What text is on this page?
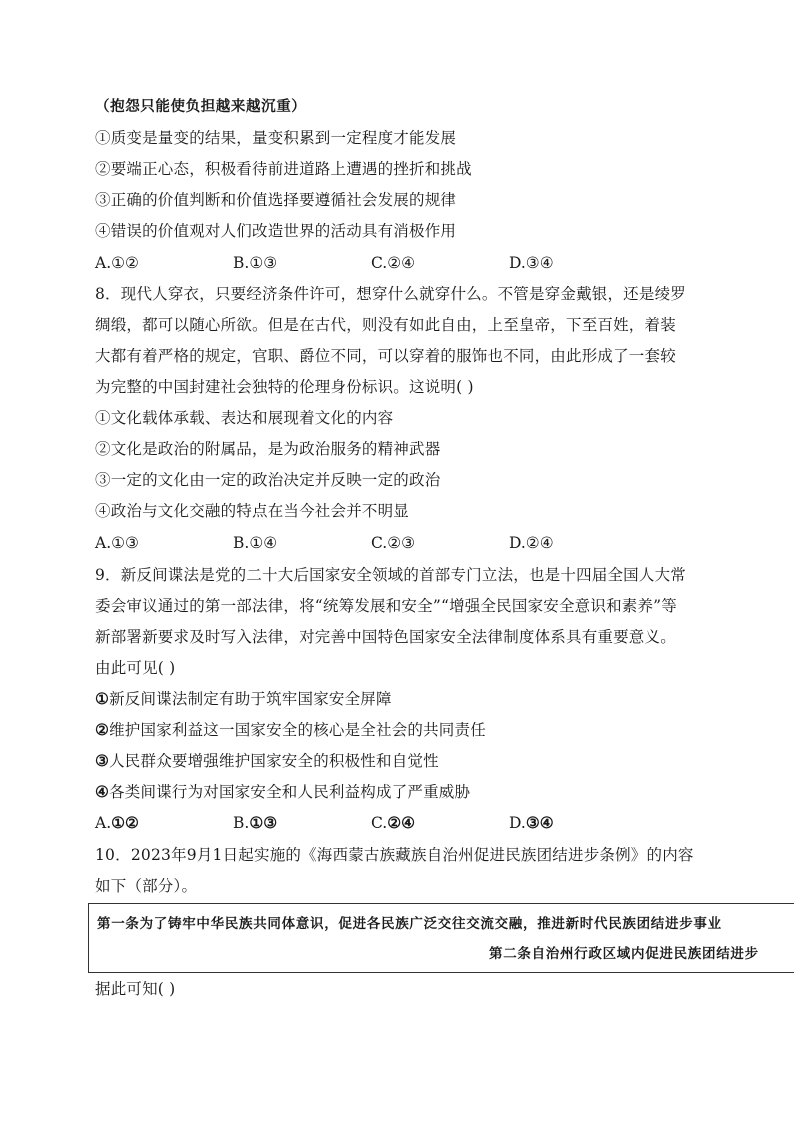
（抱怨只能使负担越来越沉重）
①质变是量变的结果，量变积累到一定程度才能发展
②要端正心态，积极看待前进道路上遭遇的挫折和挑战
③正确的价值判断和价值选择要遵循社会发展的规律
④错误的价值观对人们改造世界的活动具有消极作用
A.①②	B.①③	C.②④	D.③④
8．现代人穿衣，只要经济条件许可，想穿什么就穿什么。不管是穿金戴银，还是绫罗
绸缎，都可以随心所欲。但是在古代，则没有如此自由，上至皇帝，下至百姓，着装
大都有着严格的规定，官职、爵位不同，可以穿着的服饰也不同，由此形成了一套较
为完整的中国封建社会独特的伦理身份标识。这说明( )
①文化载体承载、表达和展现着文化的内容
②文化是政治的附属品，是为政治服务的精神武器
③一定的文化由一定的政治决定并反映一定的政治
④政治与文化交融的特点在当今社会并不明显
A.①③	B.①④	C.②③	D.②④
9．新反间谍法是党的二十大后国家安全领域的首部专门立法，也是十四届全国人大常
委会审议通过的第一部法律，将“统筹发展和安全”“增强全民国家安全意识和素养”等
新部署新要求及时写入法律，对完善中国特色国家安全法律制度体系具有重要意义。
由此可见( )
①新反间谍法制定有助于筑牢国家安全屏障
②维护国家利益这一国家安全的核心是全社会的共同责任
③人民群众要增强维护国家安全的积极性和自觉性
④各类间谍行为对国家安全和人民利益构成了严重威胁
A.①②	B.①③	C.②④	D.③④
10．2023年9月1日起实施的《海西蒙古族藏族自治州促进民族团结进步条例》的内容
如下（部分）。
第一条为了铸牢中华民族共同体意识，促进各民族广泛交往交流交融，推进新时代民族团结进步事业
第二条自治州行政区域内促进民族团结进步
据此可知( )
